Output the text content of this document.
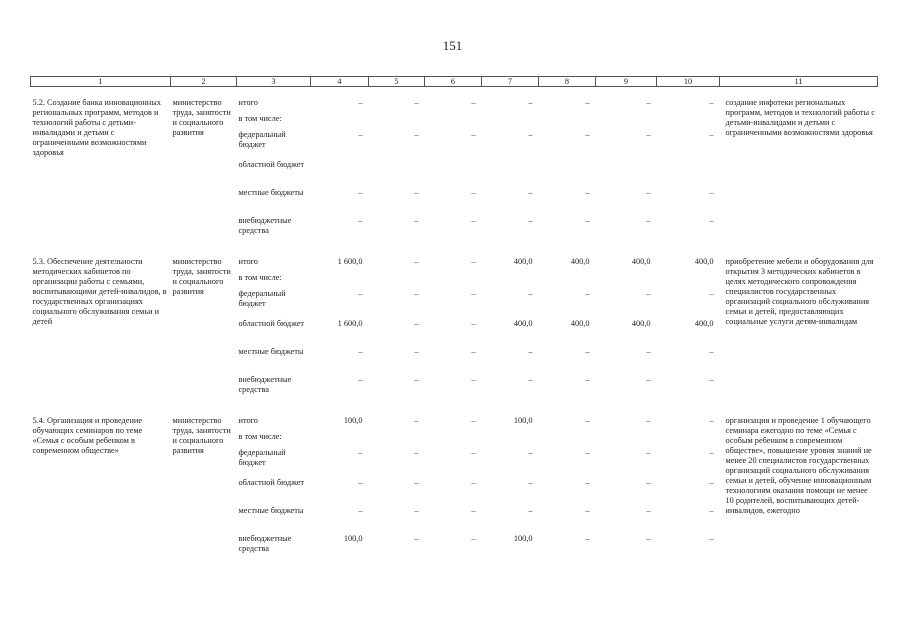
151
1	2	3	4	5	6	7	8	9	10	11

5.2. Создание банка инновационных региональных программ, методов и технологий работы с детьми-инвалидами и детьми с ограниченными возможностями здоровья	министерство труда, занятости и социального развития	итого	–	–	–	–	–	–	–	создание инфотеки региональных программ, методов и технологий работы с детьми-инвалидами и детьми с ограниченными возможностями здоровья
		в том числе:								
		федеральный бюджет	–	–	–	–	–	–	–	
		областной бюджет								
		местные бюджеты	–	–	–	–	–	–	–	
		внебюджетные средства	–	–	–	–	–	–	–	

5.3. Обеспечение деятельности методических кабинетов по организации работы с семьями, воспитывающими детей-инвалидов, в государственных организациях социального обслуживания семьи и детей	министерство труда, занятости и социального развития	итого	1 600,0	–	–	400,0	400,0	400,0	400,0	приобретение мебели и оборудования для открытия 3 методических кабинетов в целях методического сопровождения специалистов государственных организаций социального обслуживания семьи и детей, предоставляющих социальные услуги детям-инвалидам
		в том числе:								
		федеральный бюджет	–	–	–	–	–	–	–	
		областной бюджет	1 600,0	–	–	400,0	400,0	400,0	400,0	
		местные бюджеты	–	–	–	–	–	–	–	
		внебюджетные средства	–	–	–	–	–	–	–	

5.4. Организация и проведение обучающих семинаров по теме «Семья с особым ребенком в современном обществе»	министерство труда, занятости и социального развития	итого	100,0	–	–	100,0	–	–	–	организация и проведение 1 обучающего семинара ежегодно по теме «Семья с особым ребенком в современном обществе», повышение уровня знаний не менее 20 специалистов государственных организаций социального обслуживания семьи и детей, обучение инновационным технологиям оказания помощи не менее 10 родителей, воспитывающих детей-инвалидов, ежегодно
		в том числе:								
		федеральный бюджет	–	–	–	–	–	–	–	
		областной бюджет	–	–	–	–	–	–	–	
		местные бюджеты	–	–	–	–	–	–	–	
		внебюджетные средства	100,0	–	–	100,0	–	–	–	
